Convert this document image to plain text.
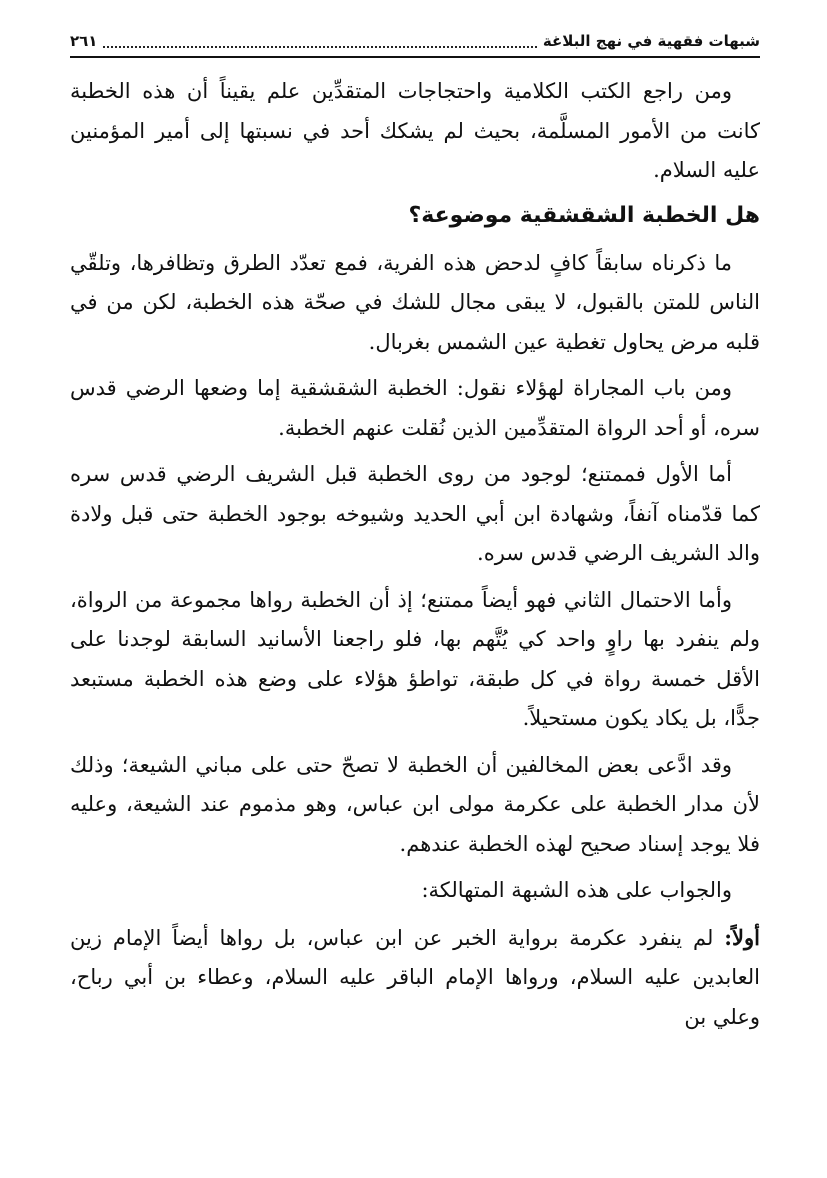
شبهات فقهية في نهج البلاغة
٢٦١

ومن راجع الكتب الكلامية واحتجاجات المتقدِّين علم يقيناً أن هذه الخطبة كانت من الأمور المسلَّمة، بحيث لم يشكك أحد في نسبتها إلى أمير المؤمنين عليه السلام.

هل الخطبة الشقشقية موضوعة؟

ما ذكرناه سابقاً كافٍ لدحض هذه الفرية، فمع تعدّد الطرق وتظافرها، وتلقّي الناس للمتن بالقبول، لا يبقى مجال للشك في صحّة هذه الخطبة، لكن من في قلبه مرض يحاول تغطية عين الشمس بغربال.

ومن باب المجاراة لهؤلاء نقول: الخطبة الشقشقية إما وضعها الرضي قدس سره، أو أحد الرواة المتقدِّمين الذين نُقلت عنهم الخطبة.

أما الأول فممتنع؛ لوجود من روى الخطبة قبل الشريف الرضي قدس سره كما قدّمناه آنفاً، وشهادة ابن أبي الحديد وشيوخه بوجود الخطبة حتى قبل ولادة والد الشريف الرضي قدس سره.

وأما الاحتمال الثاني فهو أيضاً ممتنع؛ إذ أن الخطبة رواها مجموعة من الرواة، ولم ينفرد بها راوٍ واحد كي يُتَّهم بها، فلو راجعنا الأسانيد السابقة لوجدنا على الأقل خمسة رواة في كل طبقة، تواطؤ هؤلاء على وضع هذه الخطبة مستبعد جدًّا، بل يكاد يكون مستحيلاً.

وقد ادَّعى بعض المخالفين أن الخطبة لا تصحّ حتى على مباني الشيعة؛ وذلك لأن مدار الخطبة على عكرمة مولى ابن عباس، وهو مذموم عند الشيعة، وعليه فلا يوجد إسناد صحيح لهذه الخطبة عندهم.

والجواب على هذه الشبهة المتهالكة:

أولاً: لم ينفرد عكرمة برواية الخبر عن ابن عباس، بل رواها أيضاً الإمام زين العابدين عليه السلام، ورواها الإمام الباقر عليه السلام، وعطاء بن أبي رباح، وعلي بن
